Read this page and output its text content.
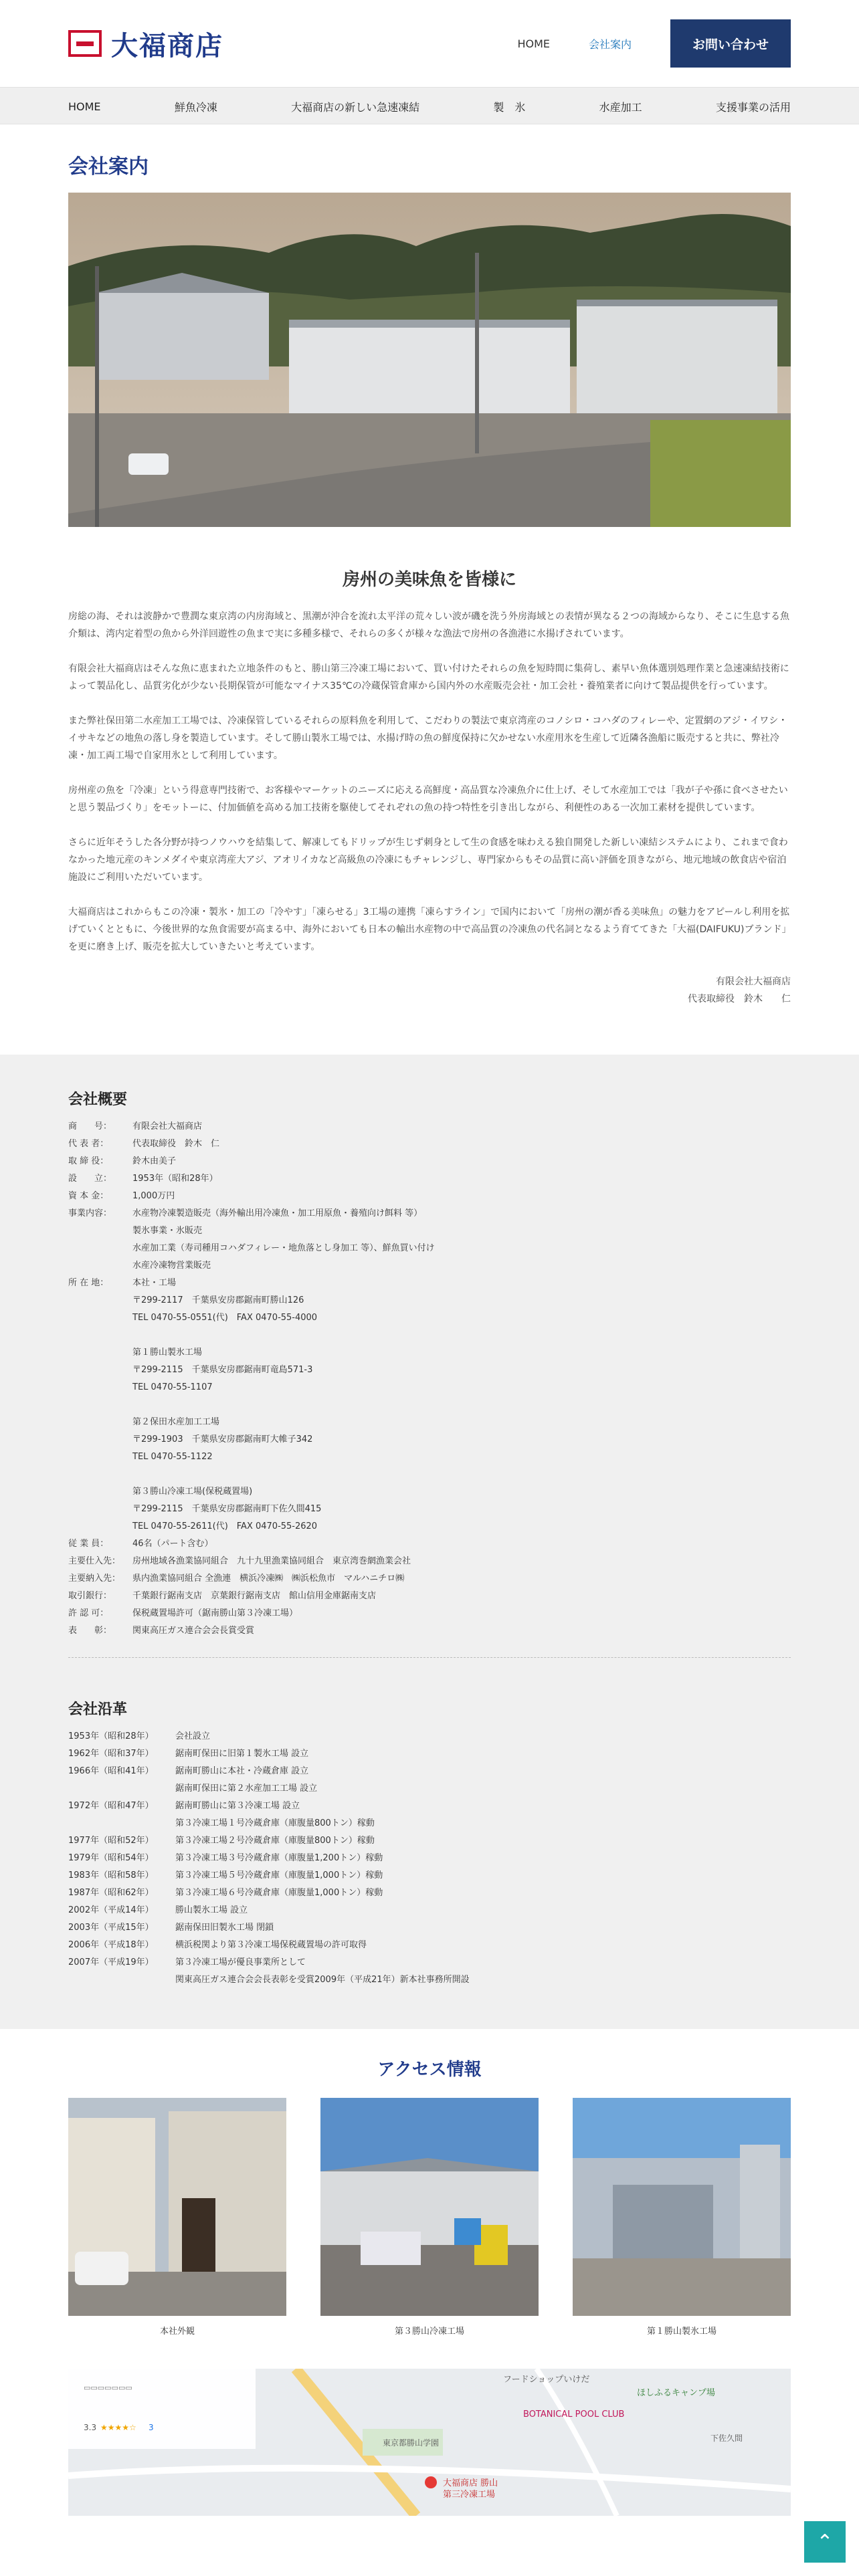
大福商店	HOME	会社案内	お問い合わせ
HOME	鮮魚冷凍	大福商店の新しい急速凍結	製　氷	水産加工	支援事業の活用
会社案内
房州の美味魚を皆様に

房総の海、それは波静かで豊潤な東京湾の内房海域と、黒潮が沖合を流れ太平洋の荒々しい波が磯を洗う外房海域との表情が異なる２つの海域からなり、そこに生息する魚介類は、湾内定着型の魚から外洋回遊性の魚まで実に多種多様で、それらの多くが様々な漁法で房州の各漁港に水揚げされています。

有限会社大福商店はそんな魚に恵まれた立地条件のもと、勝山第三冷凍工場において、買い付けたそれらの魚を短時間に集荷し、素早い魚体選別処理作業と急速凍結技術によって製品化し、品質劣化が少ない長期保管が可能なマイナス35℃の冷蔵保管倉庫から国内外の水産販売会社・加工会社・養殖業者に向けて製品提供を行っています。

また弊社保田第二水産加工工場では、冷凍保管しているそれらの原料魚を利用して、こだわりの製法で東京湾産のコノシロ・コハダのフィレーや、定置網のアジ・イワシ・イサキなどの地魚の落し身を製造しています。そして勝山製氷工場では、水揚げ時の魚の鮮度保持に欠かせない水産用氷を生産して近隣各漁船に販売すると共に、弊社冷凍・加工両工場で自家用氷として利用しています。

房州産の魚を「冷凍」という得意専門技術で、お客様やマーケットのニーズに応える高鮮度・高品質な冷凍魚介に仕上げ、そして水産加工では「我が子や孫に食べさせたいと思う製品づくり」をモットーに、付加価値を高める加工技術を駆使してそれぞれの魚の持つ特性を引き出しながら、利便性のある一次加工素材を提供しています。

さらに近年そうした各分野が持つノウハウを結集して、解凍してもドリップが生じず刺身として生の食感を味わえる独自開発した新しい凍結システムにより、これまで食わなかった地元産のキンメダイや東京湾産大アジ、アオリイカなど高級魚の冷凍にもチャレンジし、専門家からもその品質に高い評価を頂きながら、地元地域の飲食店や宿泊施設にご利用いただいています。

大福商店はこれからもこの冷凍・製氷・加工の「冷やす」「凍らせる」3工場の連携「凍らすライン」で国内において「房州の潮が香る美味魚」の魅力をアピールし利用を拡げていくとともに、今後世界的な魚食需要が高まる中、海外においても日本の輸出水産物の中で高品質の冷凍魚の代名詞となるよう育ててきた「大福(DAIFUKU)ブランド」を更に磨き上げ、販売を拡大していきたいと考えています。

有限会社大福商店
代表取締役　鈴木　　仁
会社概要
商　　号：	有限会社大福商店
代 表 者：	代表取締役　鈴木　仁
取 締 役：	鈴木由美子
設　　立：	1953年（昭和28年）
資 本 金：	1,000万円
事業内容：	水産物冷凍製造販売（海外輸出用冷凍魚・加工用原魚・養殖向け餌料 等）
製氷事業・氷販売
水産加工業（寿司種用コハダフィレー・地魚落とし身加工 等）、鮮魚買い付け
水産冷凍物営業販売
所 在 地：	本社・工場
〒299-2117　千葉県安房郡鋸南町勝山126
TEL 0470-55-0551(代)　FAX 0470-55-4000
第１勝山製氷工場
〒299-2115　千葉県安房郡鋸南町竜島571-3
TEL 0470-55-1107
第２保田水産加工工場
〒299-1903　千葉県安房郡鋸南町大帷子342
TEL 0470-55-1122
第３勝山冷凍工場(保税蔵置場)
〒299-2115　千葉県安房郡鋸南町下佐久間415
TEL 0470-55-2611(代)　FAX 0470-55-2620
従 業 員：	46名（パート含む）
主要仕入先：	房州地域各漁業協同組合　九十九里漁業協同組合　東京湾巻網漁業会社
主要納入先：	県内漁業協同組合 全漁連　横浜冷凍㈱　㈱浜松魚市　マルハニチロ㈱
取引銀行：	千葉銀行鋸南支店　京葉銀行鋸南支店　館山信用金庫鋸南支店
許 認 可：	保税蔵置場許可（鋸南勝山第３冷凍工場）
表　　彰：	関東高圧ガス連合会会長賞受賞
会社沿革
1953年（昭和28年）	会社設立
1962年（昭和37年）	鋸南町保田に旧第１製氷工場 設立
1966年（昭和41年）	鋸南町勝山に本社・冷蔵倉庫 設立
鋸南町保田に第２水産加工工場 設立
1972年（昭和47年）	鋸南町勝山に第３冷凍工場 設立
第３冷凍工場１号冷蔵倉庫（庫腹量800トン）稼動
1977年（昭和52年）	第３冷凍工場２号冷蔵倉庫（庫腹量800トン）稼動
1979年（昭和54年）	第３冷凍工場３号冷蔵倉庫（庫腹量1,200トン）稼動
1983年（昭和58年）	第３冷凍工場５号冷蔵倉庫（庫腹量1,000トン）稼動
1987年（昭和62年）	第３冷凍工場６号冷蔵倉庫（庫腹量1,000トン）稼動
2002年（平成14年）	勝山製氷工場 設立
2003年（平成15年）	鋸南保田旧製氷工場 閉鎖
2006年（平成18年）	横浜税関より第３冷凍工場保税蔵置場の許可取得
2007年（平成19年）	第３冷凍工場が優良事業所として
関東高圧ガス連合会会長表彰を受賞2009年（平成21年）新本社事務所開設
アクセス情報
本社外観	第３勝山冷凍工場	第１勝山製氷工場
▭▭▭▭▭▭▭
3.3 ★★★★☆ 3
フードショップいけだ
BOTANICAL POOL CLUB
ほしふるキャンプ場
大福商店 勝山
第三冷凍工場
東京都勝山学園	下佐久間
⌃
